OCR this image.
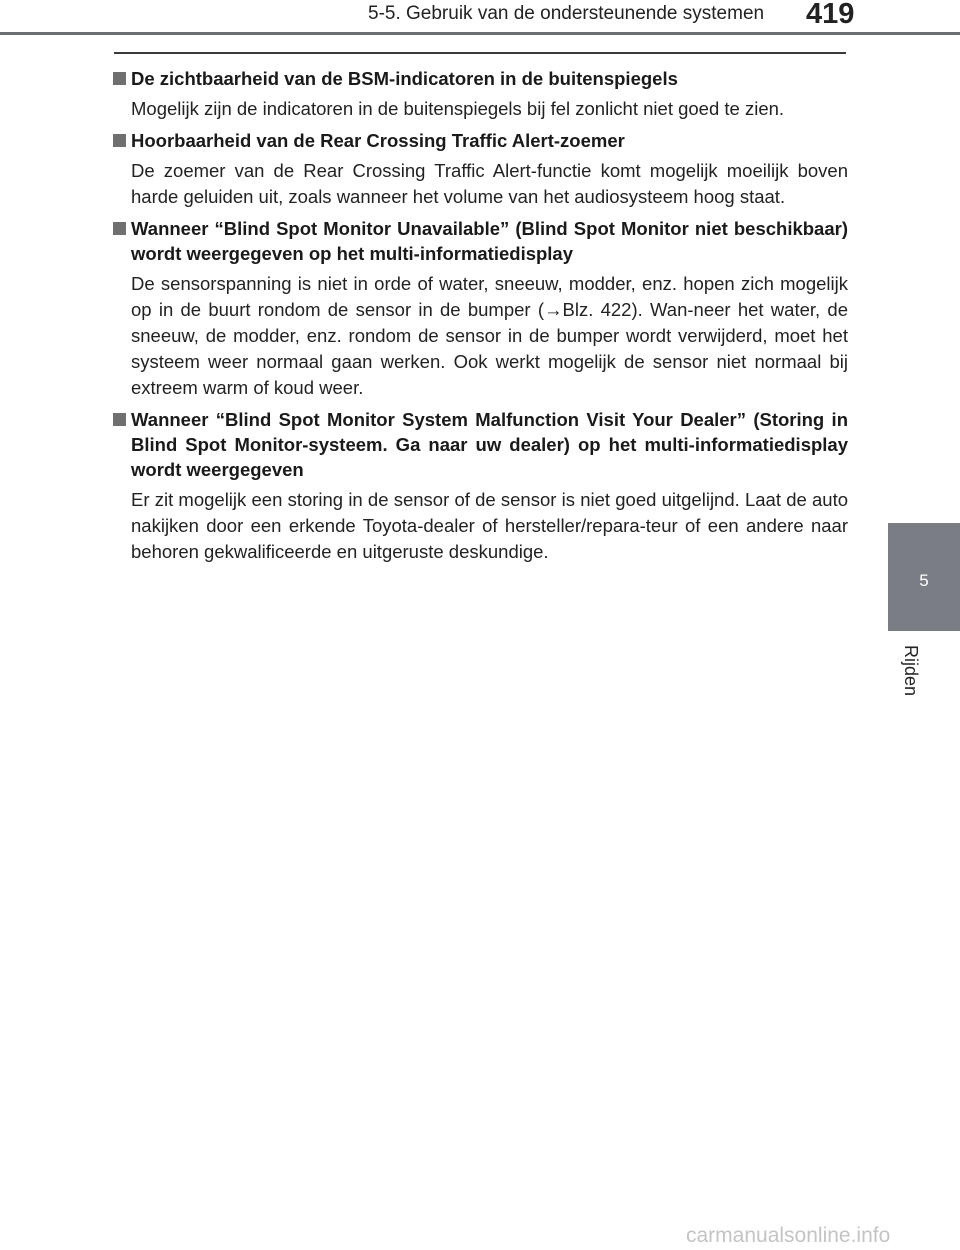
5-5. Gebruik van de ondersteunende systemen 419
5
Rijden
De zichtbaarheid van de BSM-indicatoren in de buitenspiegels
Mogelijk zijn de indicatoren in de buitenspiegels bij fel zonlicht niet goed te zien.
Hoorbaarheid van de Rear Crossing Traffic Alert-zoemer
De zoemer van de Rear Crossing Traffic Alert-functie komt mogelijk moeilijk boven harde geluiden uit, zoals wanneer het volume van het audiosysteem hoog staat.
Wanneer “Blind Spot Monitor Unavailable” (Blind Spot Monitor niet beschikbaar) wordt weergegeven op het multi-informatiedisplay
De sensorspanning is niet in orde of water, sneeuw, modder, enz. hopen zich mogelijk op in de buurt rondom de sensor in de bumper (→Blz. 422). Wan-neer het water, de sneeuw, de modder, enz. rondom de sensor in de bumper wordt verwijderd, moet het systeem weer normaal gaan werken. Ook werkt mogelijk de sensor niet normaal bij extreem warm of koud weer.
Wanneer “Blind Spot Monitor System Malfunction Visit Your Dealer” (Storing in Blind Spot Monitor-systeem. Ga naar uw dealer) op het multi-informatiedisplay wordt weergegeven
Er zit mogelijk een storing in de sensor of de sensor is niet goed uitgelijnd. Laat de auto nakijken door een erkende Toyota-dealer of hersteller/repara-teur of een andere naar behoren gekwalificeerde en uitgeruste deskundige.
carmanualsonline.info
